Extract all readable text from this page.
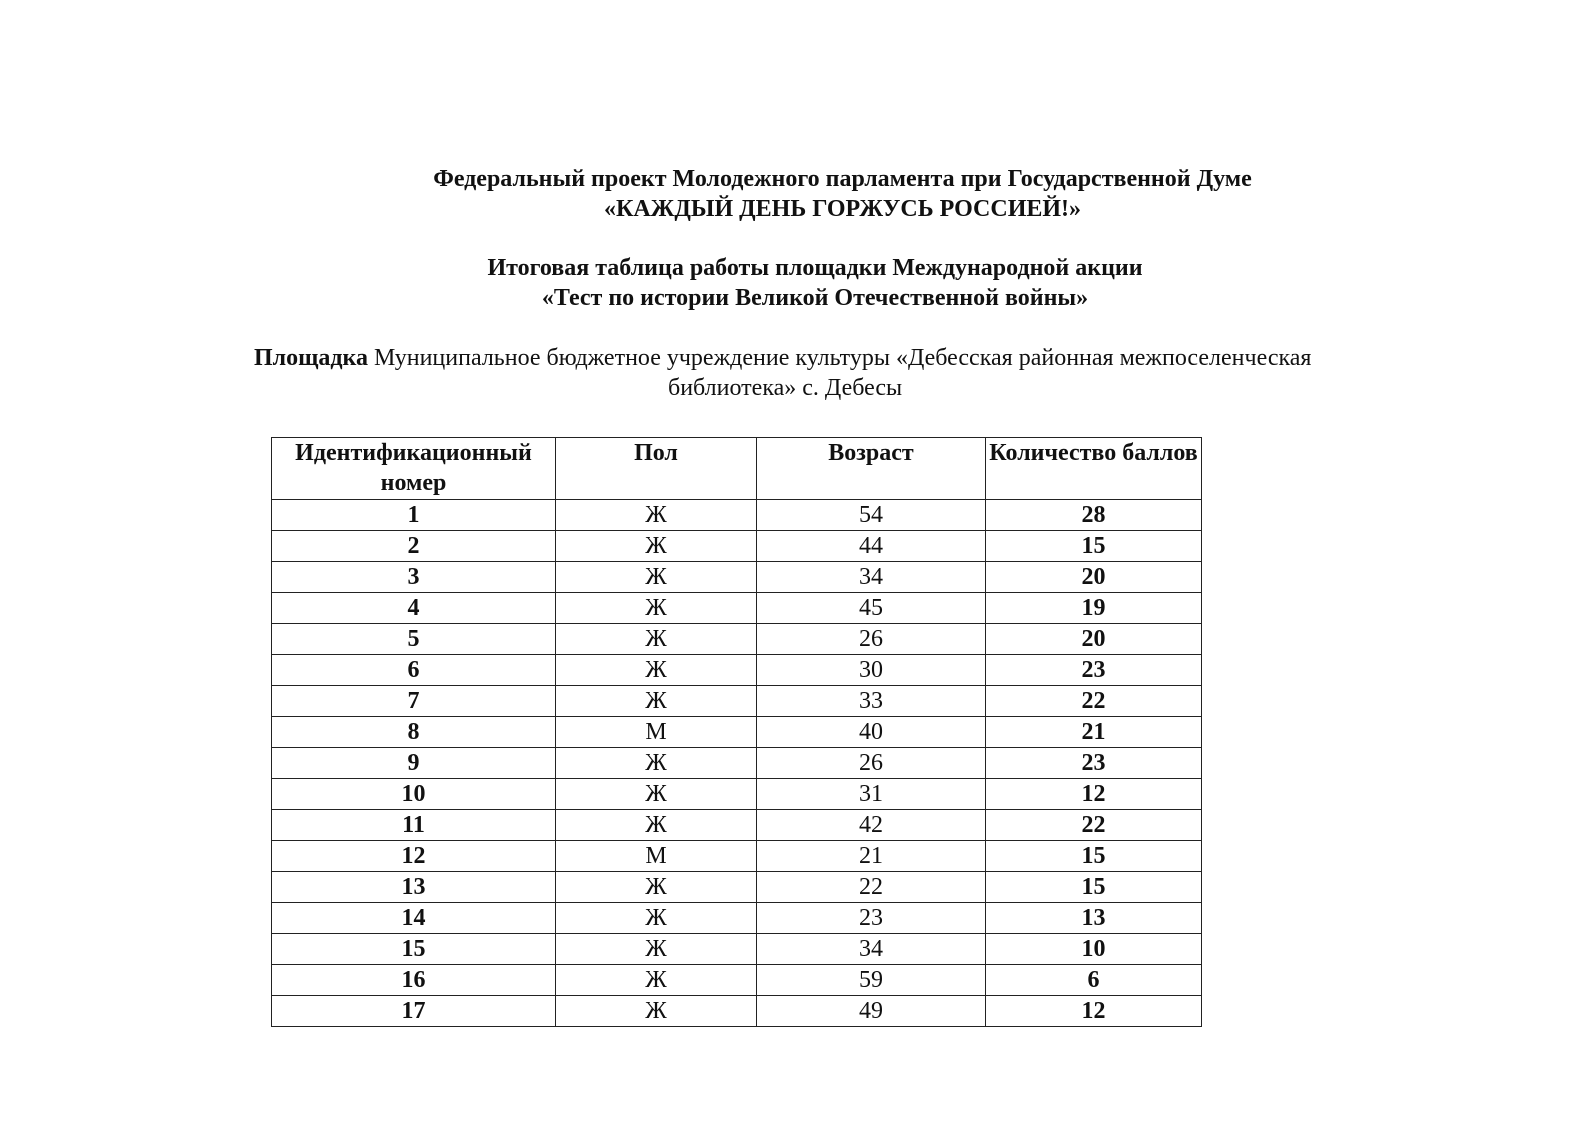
Федеральный проект Молодежного парламента при Государственной Думе
«КАЖДЫЙ ДЕНЬ ГОРЖУСЬ РОССИЕЙ!»
Итоговая таблица работы площадки Международной акции
«Тест по истории Великой Отечественной войны»
Площадка Муниципальное бюджетное учреждение культуры «Дебесская районная межпоселенческая
библиотека» с. Дебесы
Идентификационный номер	Пол	Возраст	Количество баллов
1	Ж	54	28
2	Ж	44	15
3	Ж	34	20
4	Ж	45	19
5	Ж	26	20
6	Ж	30	23
7	Ж	33	22
8	М	40	21
9	Ж	26	23
10	Ж	31	12
11	Ж	42	22
12	М	21	15
13	Ж	22	15
14	Ж	23	13
15	Ж	34	10
16	Ж	59	6
17	Ж	49	12
